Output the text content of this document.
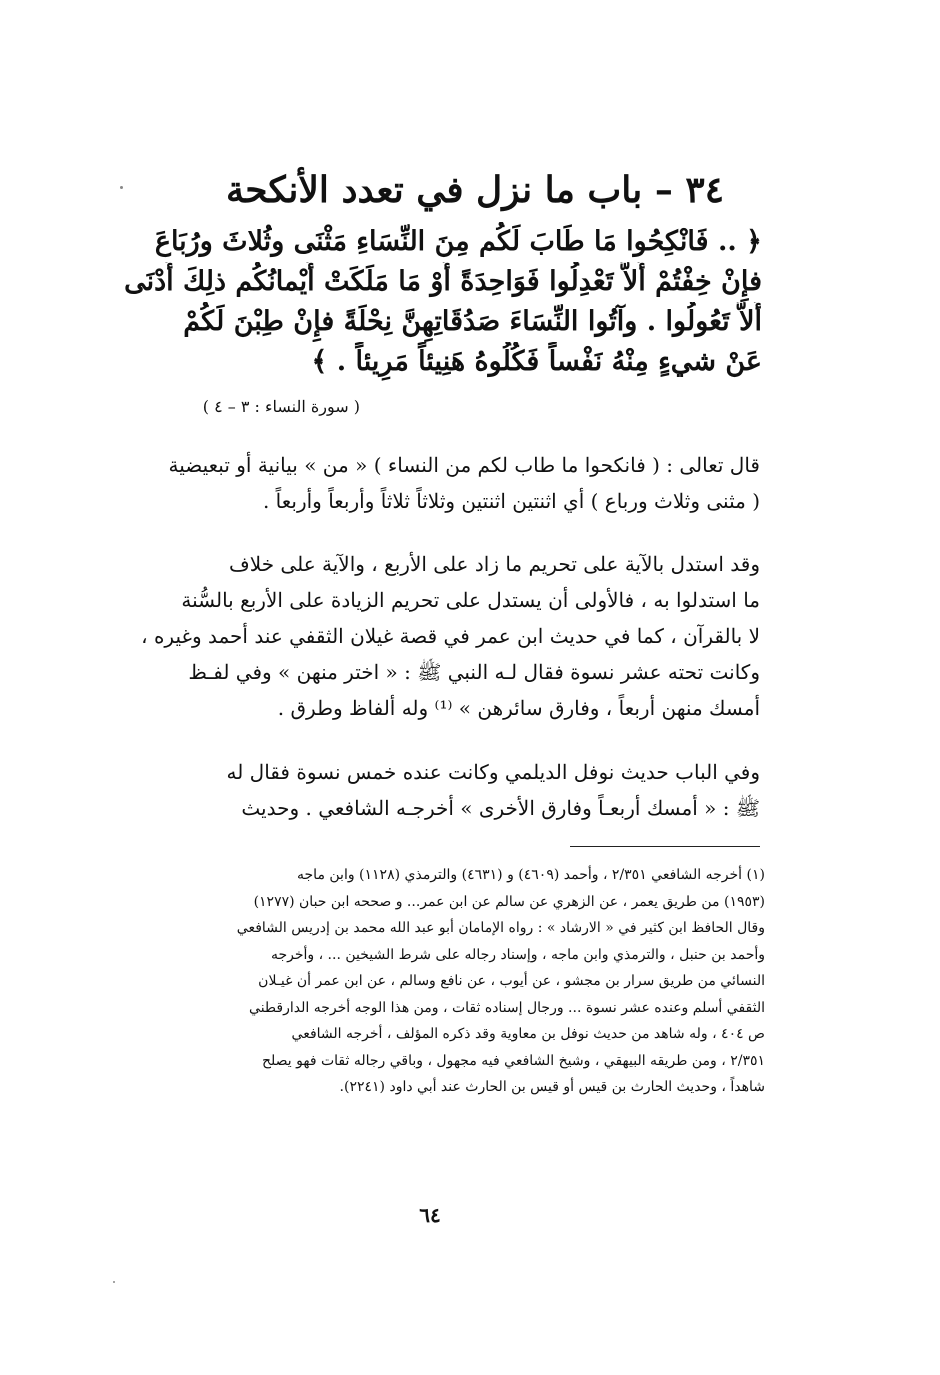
٣٤ – باب ما نزل في تعدد الأنكحة
﴿ .. فَانْكِحُوا مَا طَابَ لَكُم مِنَ النِّسَاءِ مَثْنَى وثُلاثَ ورُبَاعَ
فإِنْ خِفْتُمْ أَلاَّ تَعْدِلُوا فَوَاحِدَةً أَوْ مَا مَلَكَتْ أَيْمانُكُم ذلِكَ أَدْنَى
أَلاَّ تَعُولُوا . وآتُوا النِّسَاءَ صَدُقَاتِهِنَّ نِحْلَةً فإِنْ طِبْنَ لَكُمْ
عَنْ شيءٍ مِنْهُ نَفْساً فَكُلُوهُ هَنِيئاً مَرِيئاً . ﴾
( سورة النساء : ٣ – ٤ )
قال تعالى : ( فانكحوا ما طاب لكم من النساء ) « من » بيانية أو تبعيضية
( مثنى وثلاث ورباع ) أي اثنتين اثنتين وثلاثاً ثلاثاً وأربعاً وأربعاً .
وقد استدل بالآية على تحريم ما زاد على الأربع ، والآية على خلاف
ما استدلوا به ، فالأولى أن يستدل على تحريم الزيادة على الأربع بالسُّنة
لا بالقرآن ، كما في حديث ابن عمر في قصة غيلان الثقفي عند أحمد وغيره ،
وكانت تحته عشر نسوة فقال لـه النبي ﷺ : « اختر منهن » وفي لفـظ
أمسك منهن أربعاً ، وفارق سائرهن » ⁽¹⁾ وله ألفاظ وطرق .
وفي الباب حديث نوفل الديلمي وكانت عنده خمس نسوة فقال له
ﷺ : « أمسك أربعـاً وفارق الأخرى » أخرجـه الشافعي . وحديث
(١) أخرجه الشافعي ٢/٣٥١ ، وأحمد (٤٦٠٩) و (٤٦٣١) والترمذي (١١٢٨) وابن ماجه
(١٩٥٣) من طريق يعمر ، عن الزهري عن سالم عن ابن عمر... و صححه ابن حبان (١٢٧٧)
وقال الحافظ ابن كثير في « الارشاد » : رواه الإمامان أبو عبد الله محمد بن إدريس الشافعي
وأحمد بن حنبل ، والترمذي وابن ماجه ، وإسناد رجاله على شرط الشيخين ... ، وأخرجه
النسائي من طريق سرار بن مجشو ، عن أيوب ، عن نافع وسالم ، عن ابن عمر أن غيـلان
الثقفي أسلم وعنده عشر نسوة ... ورجال إسناده ثقات ، ومن هذا الوجه أخرجه الدارقطني
ص ٤٠٤ ، وله شاهد من حديث نوفل بن معاوية وقد ذكره المؤلف ، أخرجه الشافعي
٢/٣٥١ ، ومن طريقه البيهقي ، وشيخ الشافعي فيه مجهول ، وباقي رجاله ثقات فهو يصلح
شاهداً ، وحديث الحارث بن قيس أو قيس بن الحارث عند أبي داود (٢٢٤١).
٦٤
